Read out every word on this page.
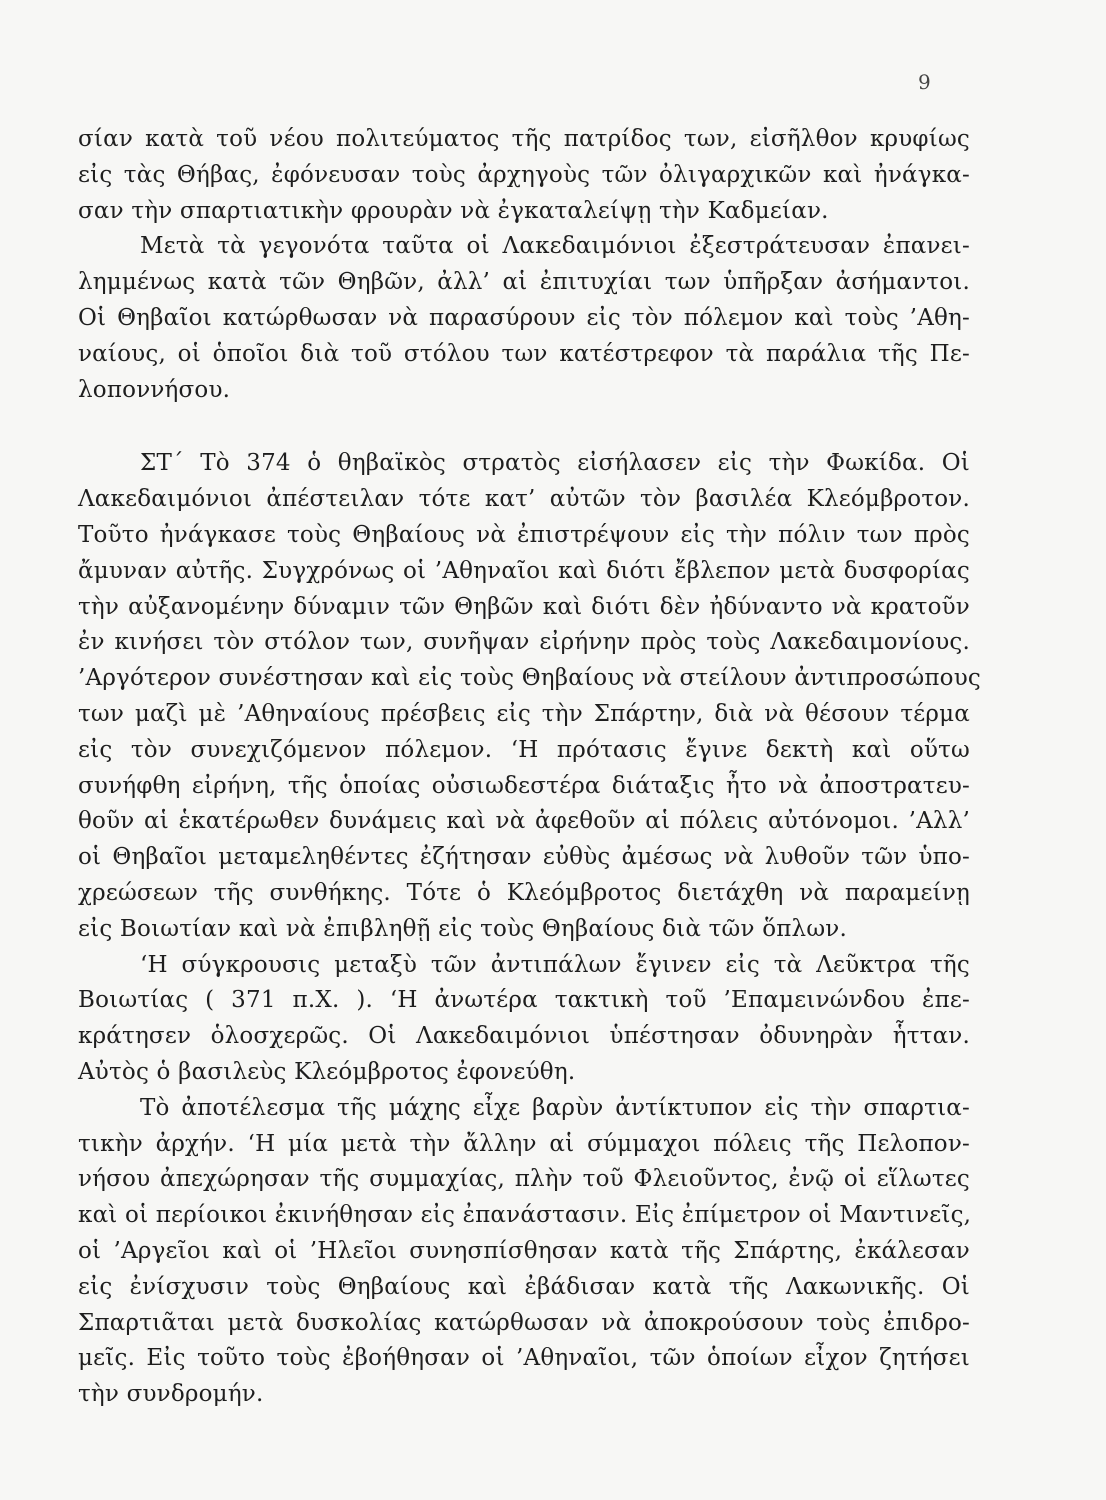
9
σίαν κατὰ τοῦ νέου πολιτεύματος τῆς πατρίδος των, εἰσῆλθον κρυφίως
εἰς τὰς Θήβας, ἐφόνευσαν τοὺς ἀρχηγοὺς τῶν ὀλιγαρχικῶν καὶ ἠνάγκα-
σαν τὴν σπαρτιατικὴν φρουρὰν νὰ ἐγκαταλείψῃ τὴν Καδμείαν.
Μετὰ τὰ γεγονότα ταῦτα οἱ Λακεδαιμόνιοι ἐξεστράτευσαν ἐπανει-
λημμένως κατὰ τῶν Θηβῶν, ἀλλ’ αἱ ἐπιτυχίαι των ὑπῆρξαν ἀσήμαντοι.
Οἱ Θηβαῖοι κατώρθωσαν νὰ παρασύρουν εἰς τὸν πόλεμον καὶ τοὺς ’Αθη-
ναίους, οἱ ὁποῖοι διὰ τοῦ στόλου των κατέστρεφον τὰ παράλια τῆς Πε-
λοποννήσου.
ΣΤ΄ Τὸ 374 ὁ θηβαϊκὸς στρατὸς εἰσήλασεν εἰς τὴν Φωκίδα. Οἱ
Λακεδαιμόνιοι ἀπέστειλαν τότε κατ’ αὐτῶν τὸν βασιλέα Κλεόμβροτον.
Τοῦτο ἠνάγκασε τοὺς Θηβαίους νὰ ἐπιστρέψουν εἰς τὴν πόλιν των πρὸς
ἄμυναν αὐτῆς. Συγχρόνως οἱ ’Αθηναῖοι καὶ διότι ἔβλεπον μετὰ δυσφορίας
τὴν αὐξανομένην δύναμιν τῶν Θηβῶν καὶ διότι δὲν ἠδύναντο νὰ κρατοῦν
ἐν κινήσει τὸν στόλον των, συνῆψαν εἰρήνην πρὸς τοὺς Λακεδαιμονίους.
’Αργότερον συνέστησαν καὶ εἰς τοὺς Θηβαίους νὰ στείλουν ἀντιπροσώπους
των μαζὶ μὲ ’Αθηναίους πρέσβεις εἰς τὴν Σπάρτην, διὰ νὰ θέσουν τέρμα
εἰς τὸν συνεχιζόμενον πόλεμον. ‘Η πρότασις ἔγινε δεκτὴ καὶ οὕτω
συνήφθη εἰρήνη, τῆς ὁποίας οὐσιωδεστέρα διάταξις ἦτο νὰ ἀποστρατευ-
θοῦν αἱ ἑκατέρωθεν δυνάμεις καὶ νὰ ἀφεθοῦν αἱ πόλεις αὐτόνομοι. ’Αλλ’
οἱ Θηβαῖοι μεταμεληθέντες ἐζήτησαν εὐθὺς ἀμέσως νὰ λυθοῦν τῶν ὑπο-
χρεώσεων τῆς συνθήκης. Τότε ὁ Κλεόμβροτος διετάχθη νὰ παραμείνῃ
εἰς Βοιωτίαν καὶ νὰ ἐπιβληθῇ εἰς τοὺς Θηβαίους διὰ τῶν ὅπλων.
‘Η σύγκρουσις μεταξὺ τῶν ἀντιπάλων ἔγινεν εἰς τὰ Λεῦκτρα τῆς
Βοιωτίας ( 371 π.Χ. ). ‘Η ἀνωτέρα τακτικὴ τοῦ ’Επαμεινώνδου ἐπε-
κράτησεν ὁλοσχερῶς. Οἱ Λακεδαιμόνιοι ὑπέστησαν ὀδυνηρὰν ἧτταν.
Αὐτὸς ὁ βασιλεὺς Κλεόμβροτος ἐφονεύθη.
Τὸ ἀποτέλεσμα τῆς μάχης εἶχε βαρὺν ἀντίκτυπον εἰς τὴν σπαρτια-
τικὴν ἀρχήν. ‘Η μία μετὰ τὴν ἄλλην αἱ σύμμαχοι πόλεις τῆς Πελοπον-
νήσου ἀπεχώρησαν τῆς συμμαχίας, πλὴν τοῦ Φλειοῦντος, ἐνῷ οἱ εἵλωτες
καὶ οἱ περίοικοι ἐκινήθησαν εἰς ἐπανάστασιν. Εἰς ἐπίμετρον οἱ Μαντινεῖς,
οἱ ’Αργεῖοι καὶ οἱ ’Ηλεῖοι συνησπίσθησαν κατὰ τῆς Σπάρτης, ἐκάλεσαν
εἰς ἐνίσχυσιν τοὺς Θηβαίους καὶ ἐβάδισαν κατὰ τῆς Λακωνικῆς. Οἱ
Σπαρτιᾶται μετὰ δυσκολίας κατώρθωσαν νὰ ἀποκρούσουν τοὺς ἐπιδρο-
μεῖς. Εἰς τοῦτο τοὺς ἐβοήθησαν οἱ ’Αθηναῖοι, τῶν ὁποίων εἶχον ζητήσει
τὴν συνδρομήν.
